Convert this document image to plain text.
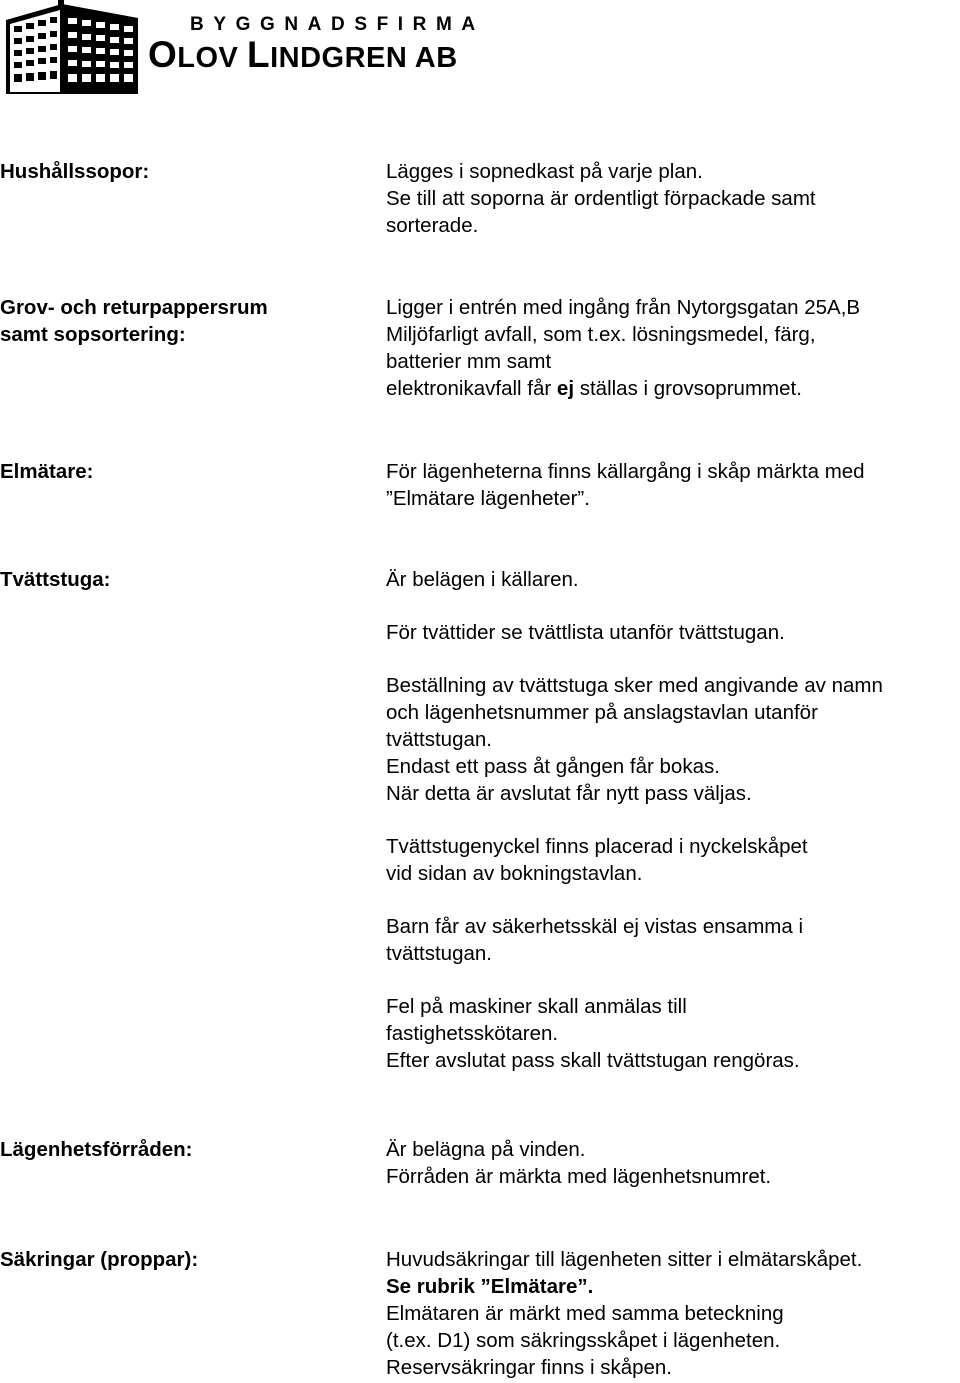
BYGGNADSFIRMA
OLOV LINDGREN AB
Hushållssopor:	Lägges i sopnedkast på varje plan.
Se till att soporna är ordentligt förpackade samt
sorterade.
Grov- och returpappersrum
samt sopsortering:
Ligger i entrén med ingång från Nytorgsgatan 25A,B
Miljöfarligt avfall, som t.ex. lösningsmedel, färg,
batterier mm samt
elektronikavfall får ej ställas i grovsoprummet.
Elmätare:	För lägenheterna finns källargång i skåp märkta med
”Elmätare lägenheter”.
Tvättstuga:	Är belägen i källaren.
För tvättider se tvättlista utanför tvättstugan.
Beställning av tvättstuga sker med angivande av namn
och lägenhetsnummer på anslagstavlan utanför
tvättstugan.
Endast ett pass åt gången får bokas.
När detta är avslutat får nytt pass väljas.
Tvättstugenyckel finns placerad i nyckelskåpet
vid sidan av bokningstavlan.
Barn får av säkerhetsskäl ej vistas ensamma i
tvättstugan.
Fel på maskiner skall anmälas till
fastighetsskötaren.
Efter avslutat pass skall tvättstugan rengöras.
Lägenhetsförråden:	Är belägna på vinden.
Förråden är märkta med lägenhetsnumret.
Säkringar (proppar):	Huvudsäkringar till lägenheten sitter i elmätarskåpet.
Se rubrik ”Elmätare”.
Elmätaren är märkt med samma beteckning
(t.ex. D1) som säkringsskåpet i lägenheten.
Reservsäkringar finns i skåpen.
